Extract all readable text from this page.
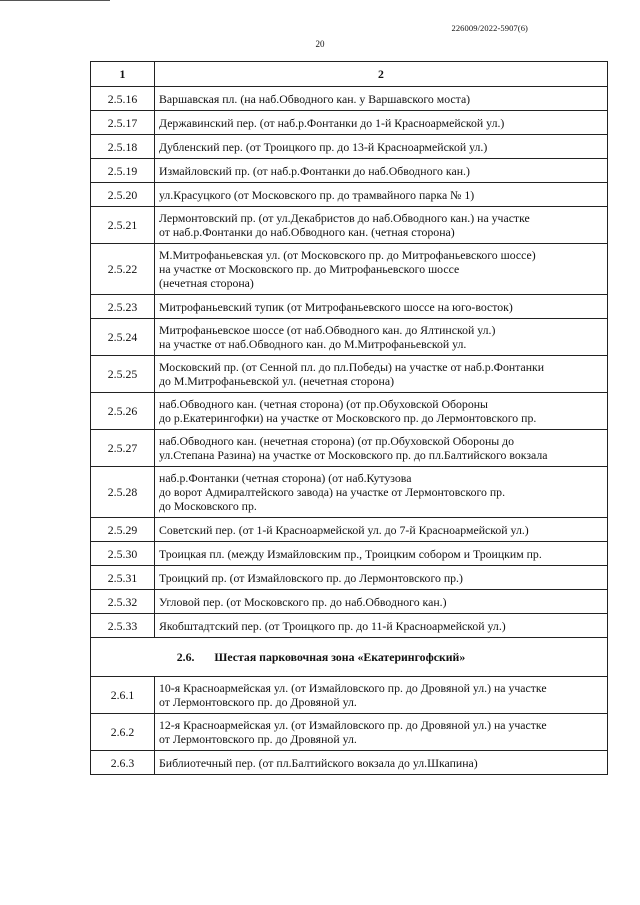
226009/2022-5907(6)
20
1	2
2.5.16	Варшавская пл. (на наб.Обводного кан. у Варшавского моста)
2.5.17	Державинский пер. (от наб.р.Фонтанки до 1-й Красноармейской ул.)
2.5.18	Дубленский пер. (от Троицкого пр. до 13-й Красноармейской ул.)
2.5.19	Измайловский пр. (от наб.р.Фонтанки до наб.Обводного кан.)
2.5.20	ул.Красуцкого (от Московского пр. до трамвайного парка № 1)
2.5.21	Лермонтовский пр. (от ул.Декабристов до наб.Обводного кан.) на участке
от наб.р.Фонтанки до наб.Обводного кан. (четная сторона)
2.5.22	М.Митрофаньевская ул. (от Московского пр. до Митрофаньевского шоссе)
на участке от Московского пр. до Митрофаньевского шоссе
(нечетная сторона)
2.5.23	Митрофаньевский тупик (от Митрофаньевского шоссе на юго-восток)
2.5.24	Митрофаньевское шоссе (от наб.Обводного кан. до Ялтинской ул.)
на участке от наб.Обводного кан. до М.Митрофаньевской ул.
2.5.25	Московский пр. (от Сенной пл. до пл.Победы) на участке от наб.р.Фонтанки
до М.Митрофаньевской ул. (нечетная сторона)
2.5.26	наб.Обводного кан. (четная сторона) (от пр.Обуховской Обороны
до р.Екатерингофки) на участке от Московского пр. до Лермонтовского пр.
2.5.27	наб.Обводного кан. (нечетная сторона) (от пр.Обуховской Обороны до
ул.Степана Разина) на участке от Московского пр. до пл.Балтийского вокзала
2.5.28	наб.р.Фонтанки (четная сторона) (от наб.Кутузова
до ворот Адмиралтейского завода) на участке от Лермонтовского пр.
до Московского пр.
2.5.29	Советский пер. (от 1-й Красноармейской ул. до 7-й Красноармейской ул.)
2.5.30	Троицкая пл. (между Измайловским пр., Троицким собором и Троицким пр.
2.5.31	Троицкий пр. (от Измайловского пр. до Лермонтовского пр.)
2.5.32	Угловой пер. (от Московского пр. до наб.Обводного кан.)
2.5.33	Якобштадтский пер. (от Троицкого пр. до 11-й Красноармейской ул.)
2.6. Шестая парковочная зона «Екатерингофский»	
2.6.1	10-я Красноармейская ул. (от Измайловского пр. до Дровяной ул.) на участке
от Лермонтовского пр. до Дровяной ул.
2.6.2	12-я Красноармейская ул. (от Измайловского пр. до Дровяной ул.) на участке
от Лермонтовского пр. до Дровяной ул.
2.6.3	Библиотечный пер. (от пл.Балтийского вокзала до ул.Шкапина)
